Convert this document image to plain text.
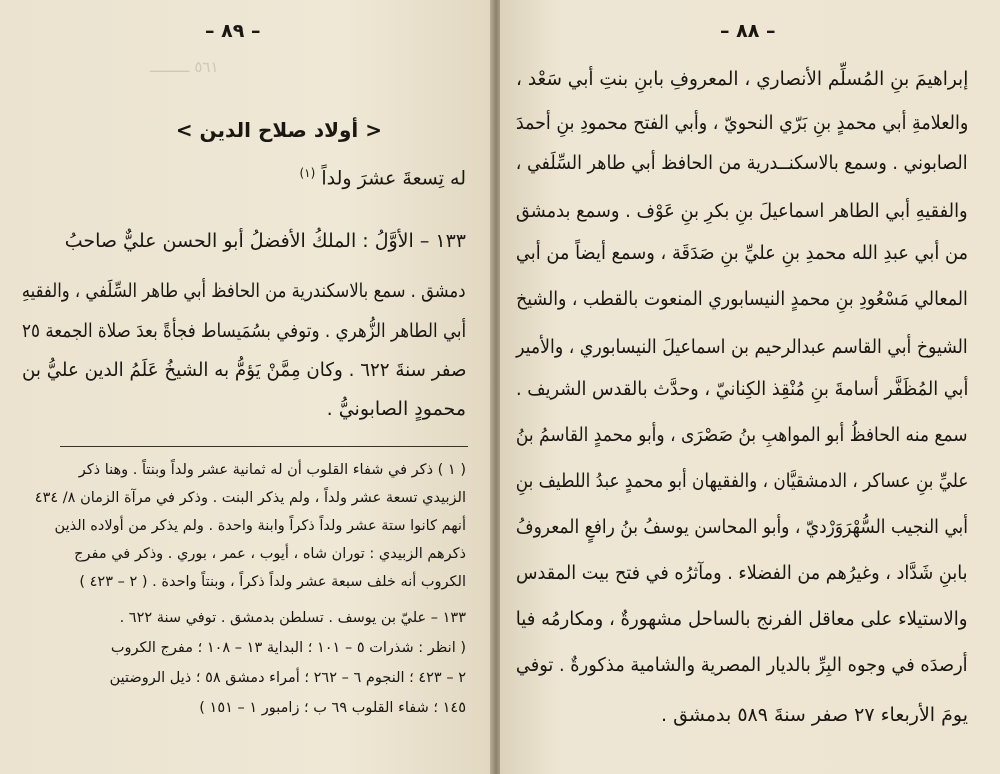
٥٦١ ـــــــــ
– ٨٩ –
< أولاد صلاح الدين >
له تِسعةَ عشرَ ولداً $^{(١)}$
١٣٣ – الأوَّلُ : الملكُ الأفضلُ أبو الحسن عليٌّ صاحبُ
دمشق . سمع بالاسكندرية من الحافظ أبي طاهر السِّلَفي ، والفقيهِ
أبي الطاهر الزُّهري . وتوفي بسُمَيساط فجأةً بعدَ صلاة الجمعة ٢٥
صفر سنةَ ٦٢٢ . وكان مِمَّنْ يَؤمُّ به الشيخُ عَلَمُ الدين عليُّ بن
محمودٍ الصابونيُّ .
( ١ ) ذكر في شفاء القلوب أن له ثمانية عشر ولداً وبنتاً . وهنا ذكر
الزبيدي تسعة عشر ولداً ، ولم يذكر البنت . وذكر في مرآة الزمان ٨/ ٤٣٤
أنهم كانوا ستة عشر ولداً ذكراً وابنة واحدة . ولم يذكر من أولاده الذين
ذكرهم الزبيدي : توران شاه ، أيوب ، عمر ، بوري . وذكر في مفرج
الكروب أنه خلف سبعة عشر ولداً ذكراً ، وبنتاً واحدة . ( ٢ – ٤٢٣ )
١٣٣ – عليّ بن يوسف . تسلطن بدمشق . توفي سنة ٦٢٢ .
( انظر : شذرات ٥ – ١٠١ ؛ البداية ١٣ – ١٠٨ ؛ مفرج الكروب
٢ – ٤٢٣ ؛ النجوم ٦ – ٢٦٢ ؛ أمراء دمشق ٥٨ ؛ ذيل الروضتين
١٤٥ ؛ شفاء القلوب ٦٩ ب ؛ زامبور ١ – ١٥١ )
– ٨٨ –
إبراهيمَ بنِ المُسلِّم الأنصاري ، المعروفِ بابنِ بنتِ أبي سَعْد ،
والعلامةِ أبي محمدٍ بنِ بَرّي النحويّ ، وأبي الفتح محمودِ بنِ أحمدَ
الصابوني . وسمع بالاسكنــدرية من الحافظ أبي طاهر السِّلَفي ،
والفقيهِ أبي الطاهر اسماعيلَ بنِ بكرِ بنِ عَوْف . وسمع بدمشق
من أبي عبدِ الله محمدِ بنِ عليِّ بنِ صَدَقَة ، وسمع أيضاً من أبي
المعالي مَسْعُودِ بنِ محمدٍ النيسابوري المنعوت بالقطب ، والشيخ
الشيوخ أبي القاسم عبدالرحيم بن اسماعيلَ النيسابوري ، والأمير
أبي المُظَفَّر أسامةَ بنِ مُنْقِذ الكِنانيّ ، وحدَّث بالقدس الشريف .
سمع منه الحافظُ أبو المواهبِ بنُ صَصْرَى ، وأبو محمدٍ القاسمُ بنُ
عليِّ بنِ عساكر ، الدمشقيَّان ، والفقيهان أبو محمدٍ عبدُ اللطيف بنِ
أبي النجيب السُّهْرَوَرْديّ ، وأبو المحاسن يوسفُ بنُ رافعٍ المعروفُ
بابنِ شَدَّاد ، وغيرُهم من الفضلاء . ومآثرُه في فتح بيت المقدس
والاستيلاء على معاقل الفرنج بالساحل مشهورةٌ ، ومكارمُه فيا
أرصدَه في وجوه البِرِّ بالديار المصرية والشامية مذكورةٌ . توفي
يومَ الأربعاء ٢٧ صفر سنةَ ٥٨٩ بدمشق .
